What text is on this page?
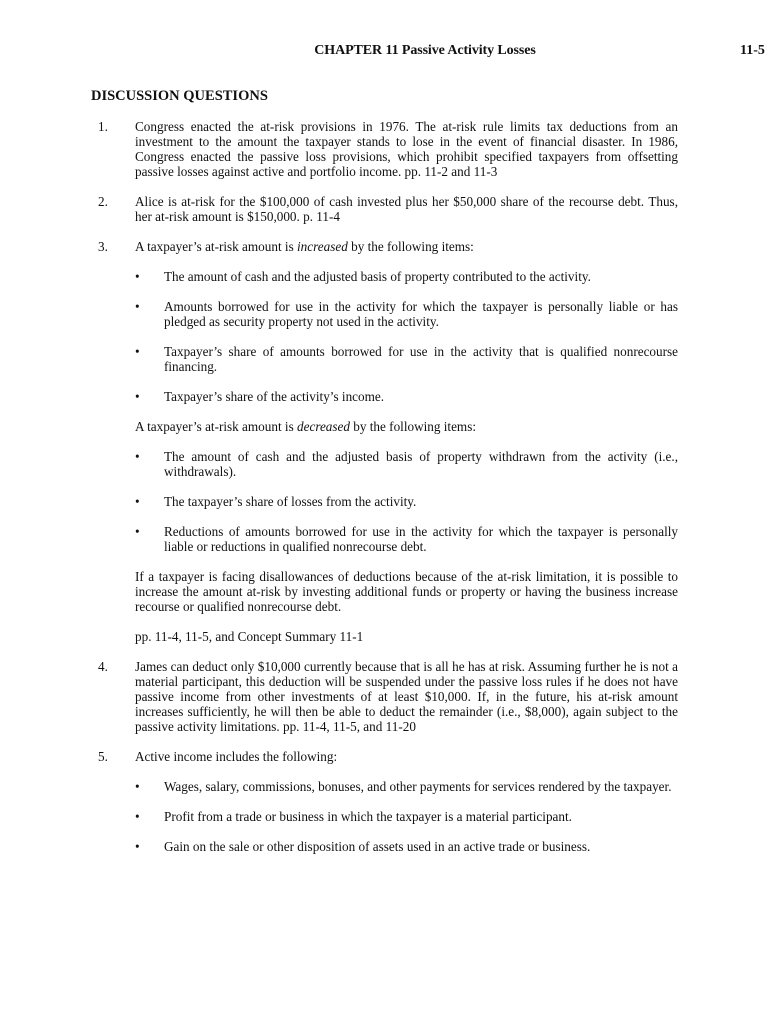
CHAPTER 11 Passive Activity Losses	11-5
DISCUSSION QUESTIONS
1. Congress enacted the at-risk provisions in 1976. The at-risk rule limits tax deductions from an investment to the amount the taxpayer stands to lose in the event of financial disaster. In 1986, Congress enacted the passive loss provisions, which prohibit specified taxpayers from offsetting passive losses against active and portfolio income. pp. 11-2 and 11-3
2. Alice is at-risk for the $100,000 of cash invested plus her $50,000 share of the recourse debt. Thus, her at-risk amount is $150,000. p. 11-4
3. A taxpayer’s at-risk amount is increased by the following items:
• The amount of cash and the adjusted basis of property contributed to the activity.
• Amounts borrowed for use in the activity for which the taxpayer is personally liable or has pledged as security property not used in the activity.
• Taxpayer’s share of amounts borrowed for use in the activity that is qualified nonrecourse financing.
• Taxpayer’s share of the activity’s income.
A taxpayer’s at-risk amount is decreased by the following items:
• The amount of cash and the adjusted basis of property withdrawn from the activity (i.e., withdrawals).
• The taxpayer’s share of losses from the activity.
• Reductions of amounts borrowed for use in the activity for which the taxpayer is personally liable or reductions in qualified nonrecourse debt.
If a taxpayer is facing disallowances of deductions because of the at-risk limitation, it is possible to increase the amount at-risk by investing additional funds or property or having the business increase recourse or qualified nonrecourse debt.
pp. 11-4, 11-5, and Concept Summary 11-1
4. James can deduct only $10,000 currently because that is all he has at risk. Assuming further he is not a material participant, this deduction will be suspended under the passive loss rules if he does not have passive income from other investments of at least $10,000. If, in the future, his at-risk amount increases sufficiently, he will then be able to deduct the remainder (i.e., $8,000), again subject to the passive activity limitations. pp. 11-4, 11-5, and 11-20
5. Active income includes the following:
• Wages, salary, commissions, bonuses, and other payments for services rendered by the taxpayer.
• Profit from a trade or business in which the taxpayer is a material participant.
• Gain on the sale or other disposition of assets used in an active trade or business.
